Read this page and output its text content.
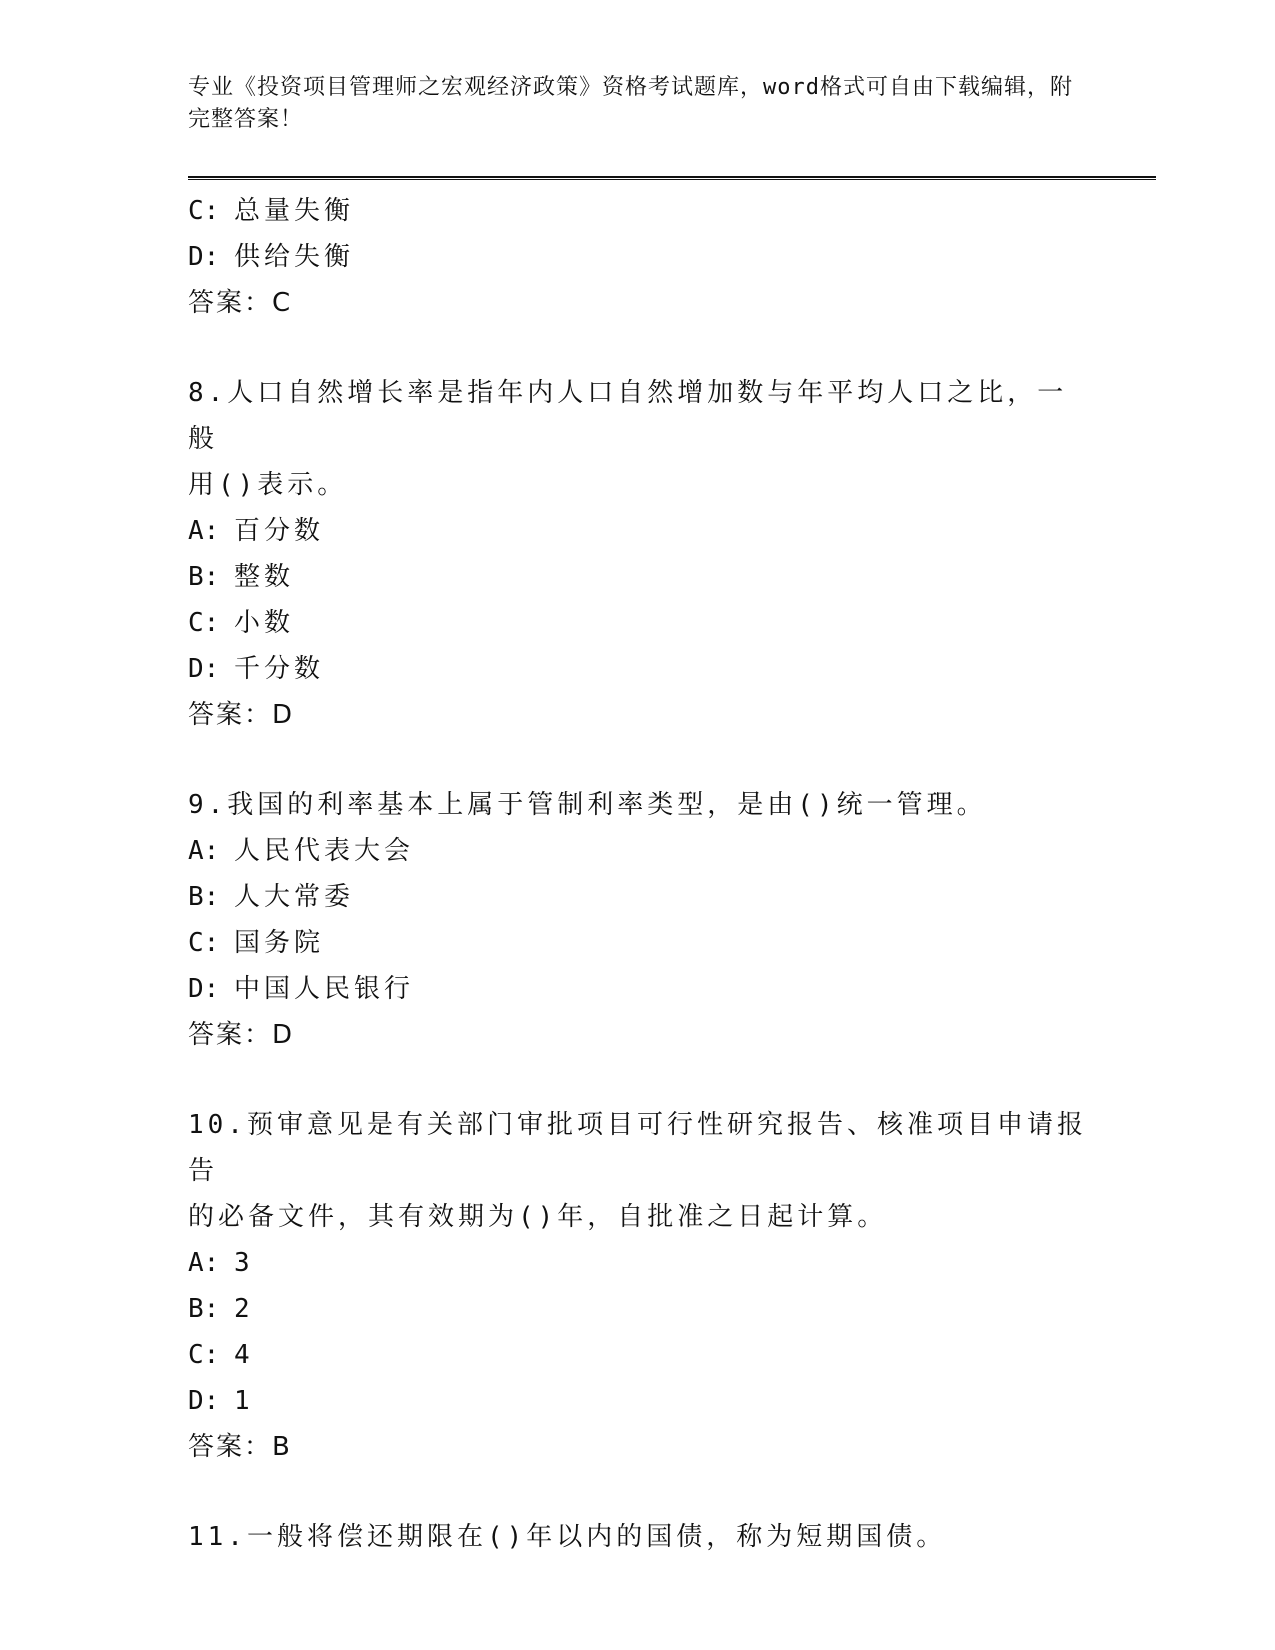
专业《投资项目管理师之宏观经济政策》资格考试题库，word格式可自由下载编辑，附完整答案！
C: 总量失衡
D: 供给失衡
答案：C
8.人口自然增长率是指年内人口自然增加数与年平均人口之比，一般
用()表示。
A: 百分数
B: 整数
C: 小数
D: 千分数
答案：D
9.我国的利率基本上属于管制利率类型，是由()统一管理。
A: 人民代表大会
B: 人大常委
C: 国务院
D: 中国人民银行
答案：D
10.预审意见是有关部门审批项目可行性研究报告、核准项目申请报告
的必备文件，其有效期为()年，自批准之日起计算。
A: 3
B: 2
C: 4
D: 1
答案：B
11.一般将偿还期限在()年以内的国债，称为短期国债。
